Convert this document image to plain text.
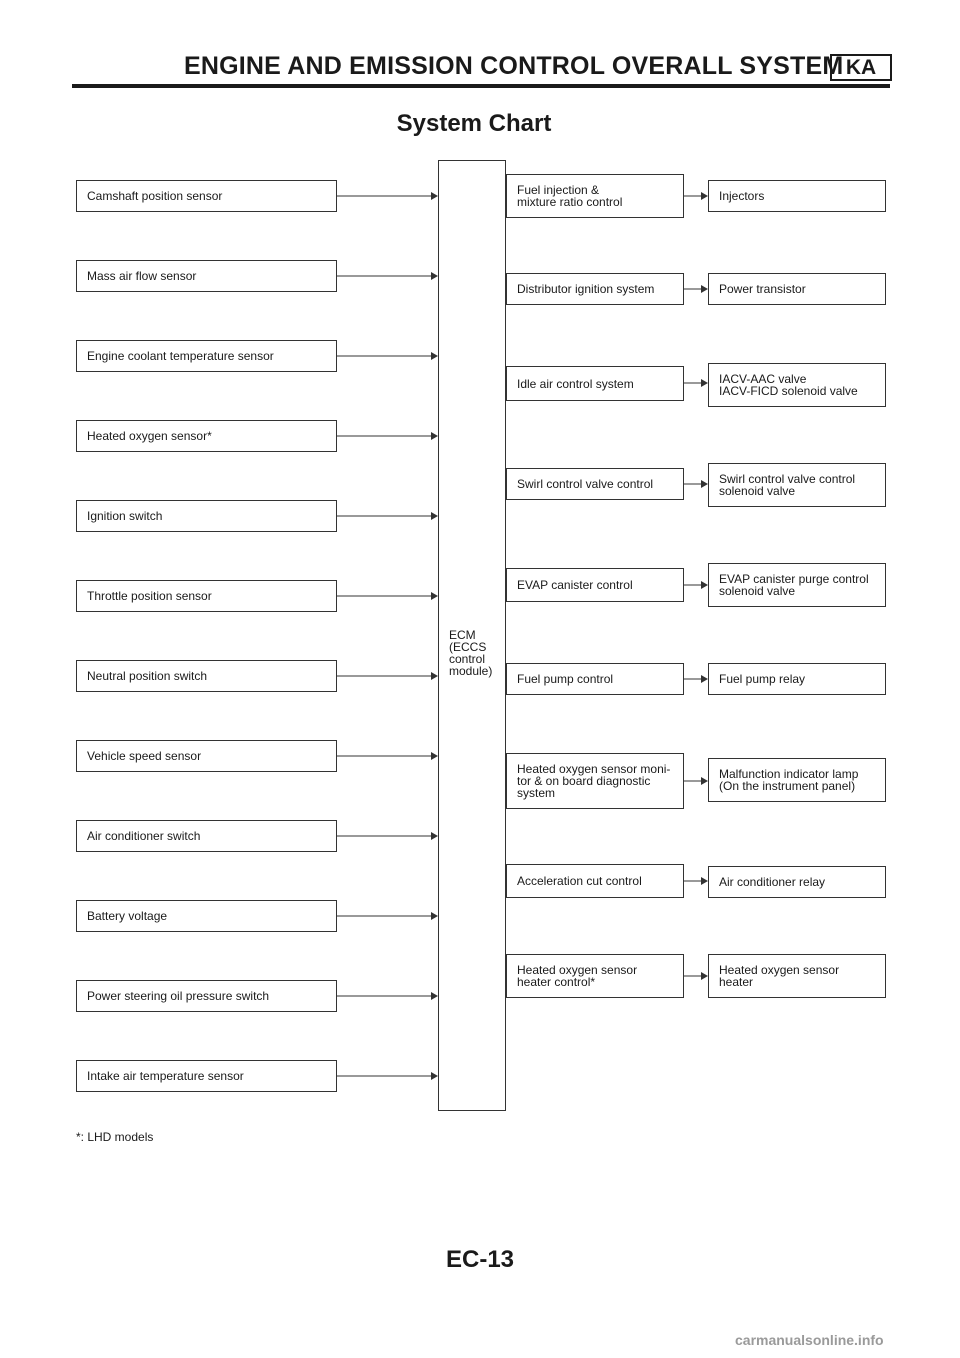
ENGINE AND EMISSION CONTROL OVERALL SYSTEM KA
System Chart
Camshaft position sensor
Mass air flow sensor
Engine coolant temperature sensor
Heated oxygen sensor*
Ignition switch
Throttle position sensor
Neutral position switch
Vehicle speed sensor
Air conditioner switch
Battery voltage
Power steering oil pressure switch
Intake air temperature sensor
ECM
(ECCS
control
module)
Fuel injection &
mixture ratio control
Distributor ignition system
Idle air control system
Swirl control valve control
EVAP canister control
Fuel pump control
Heated oxygen sensor moni-
tor & on board diagnostic
system
Acceleration cut control
Heated oxygen sensor
heater control*
Injectors
Power transistor
IACV-AAC valve
IACV-FICD solenoid valve
Swirl control valve control
solenoid valve
EVAP canister purge control
solenoid valve
Fuel pump relay
Malfunction indicator lamp
(On the instrument panel)
Air conditioner relay
Heated oxygen sensor
heater
*: LHD models
EC-13
carmanualsonline.info
